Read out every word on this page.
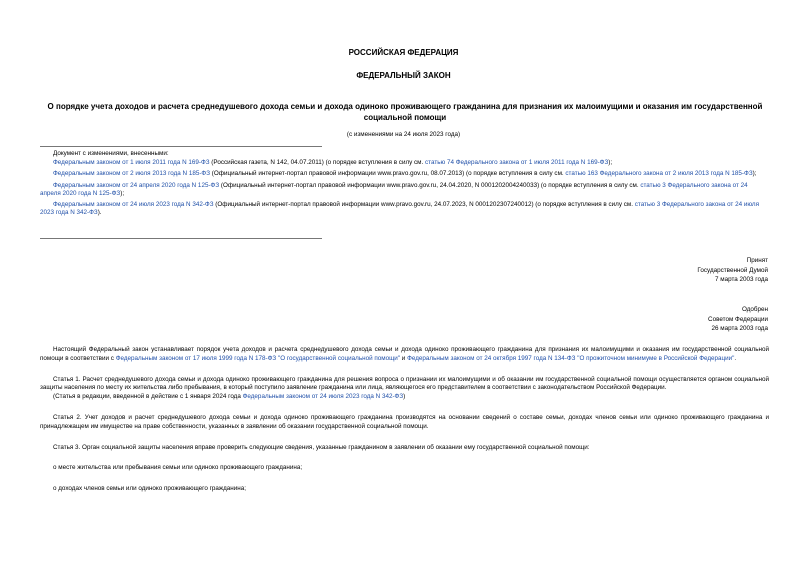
РОССИЙСКАЯ ФЕДЕРАЦИЯ
ФЕДЕРАЛЬНЫЙ ЗАКОН
О порядке учета доходов и расчета среднедушевого дохода семьи и дохода одиноко проживающего гражданина для признания их малоимущими и оказания им государственной социальной помощи
(с изменениями на 24 июля 2023 года)

Документ с изменениями, внесенными:

Федеральным законом от 1 июля 2011 года N 169-ФЗ (Российская газета, N 142, 04.07.2011) (о порядке вступления в силу см. статью 74 Федерального закона от 1 июля 2011 года N 169-ФЗ);

Федеральным законом от 2 июля 2013 года N 185-ФЗ (Официальный интернет-портал правовой информации www.pravo.gov.ru, 08.07.2013) (о порядке вступления в силу см. статью 163 Федерального закона от 2 июля 2013 года N 185-ФЗ);

Федеральным законом от 24 апреля 2020 года N 125-ФЗ (Официальный интернет-портал правовой информации www.pravo.gov.ru, 24.04.2020, N 0001202004240033) (о порядке вступления в силу см. статью 3 Федерального закона от 24 апреля 2020 года N 125-ФЗ);

Федеральным законом от 24 июля 2023 года N 342-ФЗ (Официальный интернет-портал правовой информации www.pravo.gov.ru, 24.07.2023, N 0001202307240012) (о порядке вступления в силу см. статью 3 Федерального закона от 24 июля 2023 года N 342-ФЗ).

Принят
Государственной Думой
7 марта 2003 года
Одобрен
Советом Федерации
26 марта 2003 года

Настоящий Федеральный закон устанавливает порядок учета доходов и расчета среднедушевого дохода семьи и дохода одиноко проживающего гражданина для признания их малоимущими и оказания им государственной социальной помощи в соответствии с Федеральным законом от 17 июля 1999 года N 178-ФЗ "О государственной социальной помощи" и Федеральным законом от 24 октября 1997 года N 134-ФЗ "О прожиточном минимуме в Российской Федерации".

Статья 1. Расчет среднедушевого дохода семьи и дохода одиноко проживающего гражданина для решения вопроса о признании их малоимущими и об оказании им государственной социальной помощи осуществляется органом социальной защиты населения по месту их жительства либо пребывания, в который поступило заявление гражданина или лица, являющегося его представителем в соответствии с законодательством Российской Федерации.

(Статья в редакции, введенной в действие с 1 января 2024 года Федеральным законом от 24 июля 2023 года N 342-ФЗ)

Статья 2. Учет доходов и расчет среднедушевого дохода семьи и дохода одиноко проживающего гражданина производятся на основании сведений о составе семьи, доходах членов семьи или одиноко проживающего гражданина и принадлежащем им имуществе на праве собственности, указанных в заявлении об оказании государственной социальной помощи.

Статья 3. Орган социальной защиты населения вправе проверить следующие сведения, указанные гражданином в заявлении об оказании ему государственной социальной помощи:

о месте жительства или пребывания семьи или одиноко проживающего гражданина;

о доходах членов семьи или одиноко проживающего гражданина;
